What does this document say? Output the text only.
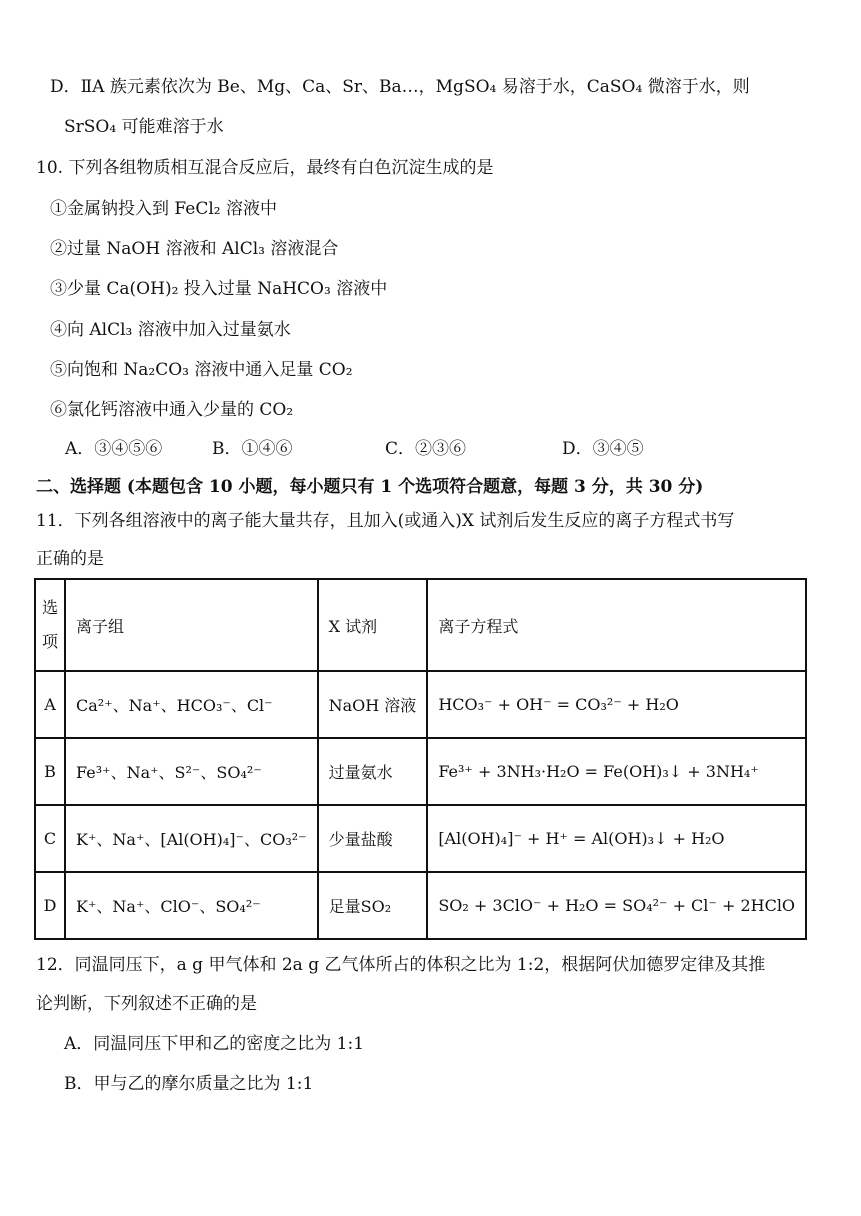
D．ⅡA 族元素依次为 Be、Mg、Ca、Sr、Ba…，MgSO₄ 易溶于水，CaSO₄ 微溶于水，则
SrSO₄ 可能难溶于水
10. 下列各组物质相互混合反应后，最终有白色沉淀生成的是
①金属钠投入到 FeCl₂ 溶液中
②过量 NaOH 溶液和 AlCl₃ 溶液混合
③少量 Ca(OH)₂ 投入过量 NaHCO₃ 溶液中
④向 AlCl₃ 溶液中加入过量氨水
⑤向饱和 Na₂CO₃ 溶液中通入足量 CO₂
⑥氯化钙溶液中通入少量的 CO₂
A．③④⑤⑥	B．①④⑥	C．②③⑥	D．③④⑤
二、选择题 (本题包含 10 小题，每小题只有 1 个选项符合题意，每题 3 分，共 30 分)
11．下列各组溶液中的离子能大量共存，且加入(或通入)X 试剂后发生反应的离子方程式书写
正确的是
选
项	离子组	X 试剂	离子方程式
A	Ca²⁺、Na⁺、HCO₃⁻、Cl⁻	NaOH 溶液	HCO₃⁻ + OH⁻ = CO₃²⁻ + H₂O
B	Fe³⁺、Na⁺、S²⁻、SO₄²⁻	过量氨水	Fe³⁺ + 3NH₃·H₂O = Fe(OH)₃↓ + 3NH₄⁺
C	K⁺、Na⁺、[Al(OH)₄]⁻、CO₃²⁻	少量盐酸	[Al(OH)₄]⁻ + H⁺ = Al(OH)₃↓ + H₂O
D	K⁺、Na⁺、ClO⁻、SO₄²⁻	足量SO₂	SO₂ + 3ClO⁻ + H₂O = SO₄²⁻ + Cl⁻ + 2HClO
12．同温同压下，a g 甲气体和 2a g 乙气体所占的体积之比为 1:2，根据阿伏加德罗定律及其推
论判断，下列叙述不正确的是
A．同温同压下甲和乙的密度之比为 1:1
B．甲与乙的摩尔质量之比为 1:1
